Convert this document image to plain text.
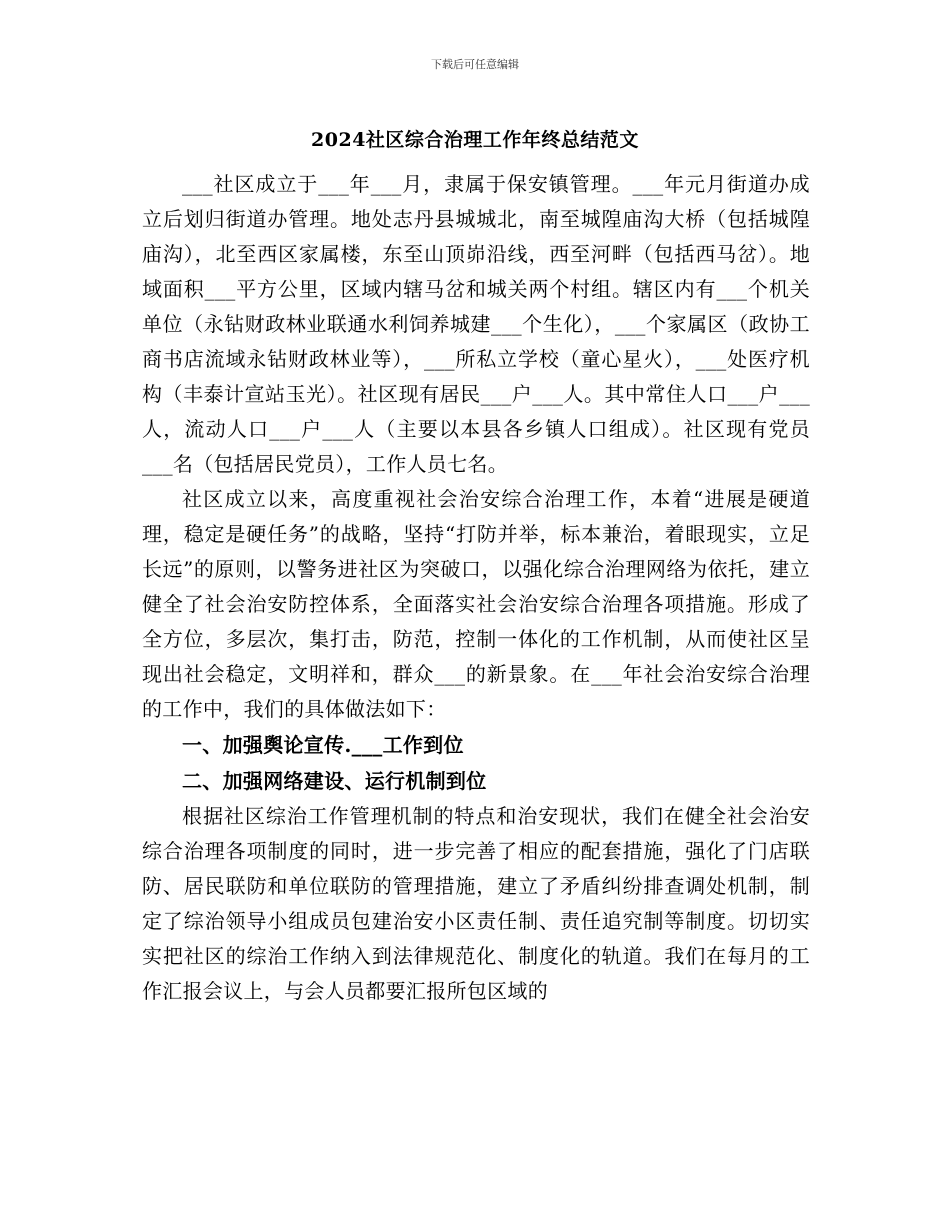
下载后可任意编辑
2024社区综合治理工作年终总结范文

___社区成立于___年___月，隶属于保安镇管理。___年元月街道办成立后划归街道办管理。地处志丹县城城北，南至城隍庙沟大桥（包括城隍庙沟），北至西区家属楼，东至山顶峁沿线，西至河畔（包括西马岔）。地域面积___平方公里，区域内辖马岔和城关两个村组。辖区内有___个机关单位（永钻财政林业联通水利饲养城建___个生化），___个家属区（政协工商书店流域永钻财政林业等），___所私立学校（童心星火），___处医疗机构（丰泰计宣站玉光）。社区现有居民___户___人。其中常住人口___户___人，流动人口___户___人（主要以本县各乡镇人口组成）。社区现有党员___名（包括居民党员），工作人员七名。

社区成立以来，高度重视社会治安综合治理工作，本着“进展是硬道理，稳定是硬任务”的战略，坚持“打防并举，标本兼治，着眼现实，立足长远”的原则，以警务进社区为突破口，以强化综合治理网络为依托，建立健全了社会治安防控体系，全面落实社会治安综合治理各项措施。形成了全方位，多层次，集打击，防范，控制一体化的工作机制，从而使社区呈现出社会稳定，文明祥和，群众___的新景象。在___年社会治安综合治理的工作中，我们的具体做法如下：

一、加强舆论宣传.___工作到位

二、加强网络建设、运行机制到位

根据社区综治工作管理机制的特点和治安现状，我们在健全社会治安综合治理各项制度的同时，进一步完善了相应的配套措施，强化了门店联防、居民联防和单位联防的管理措施，建立了矛盾纠纷排查调处机制，制定了综治领导小组成员包建治安小区责任制、责任追究制等制度。切切实实把社区的综治工作纳入到法律规范化、制度化的轨道。我们在每月的工作汇报会议上，与会人员都要汇报所包区域的
